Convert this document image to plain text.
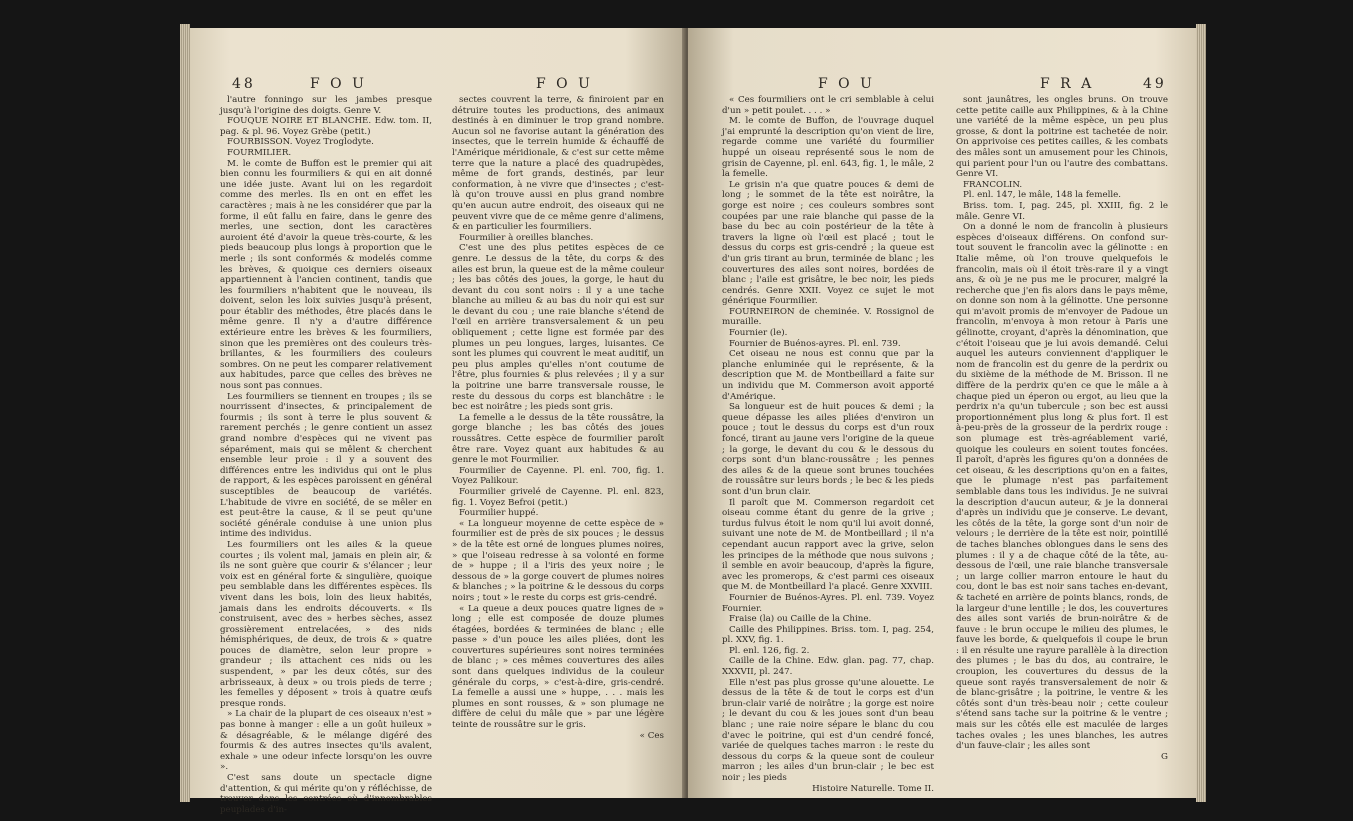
48	F O U	F O U

l'autre fonningo sur les jambes presque jusqu'à l'origine des doigts. Genre V.

FOUQUE NOIRE ET BLANCHE. Edw. tom. II, pag. & pl. 96. Voyez Grèbe (petit.)

FOURBISSON. Voyez Troglodyte.

FOURMILIER.

M. le comte de Buffon est le premier qui ait bien connu les fourmiliers & qui en ait donné une idée juste. Avant lui on les regardoit comme des merles. Ils en ont en effet les caractères ; mais à ne les considérer que par la forme, il eût fallu en faire, dans le genre des merles, une section, dont les caractères auroient été d'avoir la queue très-courte, & les pieds beaucoup plus longs à proportion que le merle ; ils sont conformés & modelés comme les brèves, & quoique ces derniers oiseaux appartiennent à l'ancien continent, tandis que les fourmiliers n'habitent que le nouveau, ils doivent, selon les loix suivies jusqu'à présent, pour établir des méthodes, être placés dans le même genre. Il n'y a d'autre différence extérieure entre les brèves & les fourmiliers, sinon que les premières ont des couleurs très-brillantes, & les fourmiliers des couleurs sombres. On ne peut les comparer relativement aux habitudes, parce que celles des brèves ne nous sont pas connues.

Les fourmiliers se tiennent en troupes ; ils se nourrissent d'insectes, & principalement de fourmis ; ils sont à terre le plus souvent & rarement perchés ; le genre contient un assez grand nombre d'espèces qui ne vivent pas séparément, mais qui se mêlent & cherchent ensemble leur proie : il y a souvent des différences entre les individus qui ont le plus de rapport, & les espèces paroissent en général susceptibles de beaucoup de variétés. L'habitude de vivre en société, de se mêler en est peut-être la cause, & il se peut qu'une société générale conduise à une union plus intime des individus.

Les fourmiliers ont les ailes & la queue courtes ; ils volent mal, jamais en plein air, & ils ne sont guère que courir & s'élancer ; leur voix est en général forte & singulière, quoique peu semblable dans les différentes espèces. Ils vivent dans les bois, loin des lieux habités, jamais dans les endroits découverts. « Ils construisent, avec des » herbes sèches, assez grossièrement entrelacées, » des nids hémisphériques, de deux, de trois & » quatre pouces de diamètre, selon leur propre » grandeur ; ils attachent ces nids ou les suspendent, » par les deux côtés, sur des arbrisseaux, à deux » ou trois pieds de terre ; les femelles y déposent » trois à quatre œufs presque ronds.

» La chair de la plupart de ces oiseaux n'est » pas bonne à manger : elle a un goût huileux » & désagréable, & le mélange digéré des fourmis & des autres insectes qu'ils avalent, exhale » une odeur infecte lorsqu'on les ouvre ».

C'est sans doute un spectacle digne d'attention, & qui mérite qu'on y réfléchisse, de trouver dans les contrées où d'innombrables peuplades d'in-

sectes couvrent la terre, & finiroient par en détruire toutes les productions, des animaux destinés à en diminuer le trop grand nombre. Aucun sol ne favorise autant la génération des insectes, que le terrein humide & échauffé de l'Amérique méridionale, & c'est sur cette même terre que la nature a placé des quadrupèdes, même de fort grands, destinés, par leur conformation, à ne vivre que d'insectes ; c'est-là qu'on trouve aussi en plus grand nombre qu'en aucun autre endroit, des oiseaux qui ne peuvent vivre que de ce même genre d'alimens, & en particulier les fourmiliers.

Fourmilier à oreilles blanches.

C'est une des plus petites espèces de ce genre. Le dessus de la tête, du corps & des ailes est brun, la queue est de la même couleur ; les bas côtés des joues, la gorge, le haut du devant du cou sont noirs : il y a une tache blanche au milieu & au bas du noir qui est sur le devant du cou ; une raie blanche s'étend de l'œil en arrière transversalement & un peu obliquement ; cette ligne est formée par des plumes un peu longues, larges, luisantes. Ce sont les plumes qui couvrent le meat auditif, un peu plus amples qu'elles n'ont coutume de l'être, plus fournies & plus relevées ; il y a sur la poitrine une barre transversale rousse, le reste du dessous du corps est blanchâtre : le bec est noirâtre ; les pieds sont gris.

La femelle a le dessus de la tête roussâtre, la gorge blanche ; les bas côtés des joues roussâtres. Cette espèce de fourmilier paroît être rare. Voyez quant aux habitudes & au genre le mot Fourmilier.

Fourmilier de Cayenne. Pl. enl. 700, fig. 1. Voyez Palikour.

Fourmilier grivelé de Cayenne. Pl. enl. 823, fig. 1. Voyez Befroi (petit.)

Fourmilier huppé.

« La longueur moyenne de cette espèce de » fourmilier est de près de six pouces ; le dessus » de la tête est orné de longues plumes noires, » que l'oiseau redresse à sa volonté en forme de » huppe ; il a l'iris des yeux noire ; le dessous de » la gorge couvert de plumes noires & blanches ; » la poitrine & le dessous du corps noirs ; tout » le reste du corps est gris-cendré.

« La queue a deux pouces quatre lignes de » long ; elle est composée de douze plumes étagées, bordées & terminées de blanc ; elle passe » d'un pouce les ailes pliées, dont les couvertures supérieures sont noires terminées de blanc ; » ces mêmes couvertures des ailes sont dans quelques individus de la couleur générale du corps, » c'est-à-dire, gris-cendré. La femelle a aussi une » huppe, . . . mais les plumes en sont rousses, & » son plumage ne diffère de celui du mâle que » par une légère teinte de roussâtre sur le gris.

« Ces

F O U	F R A	49

« Ces fourmiliers ont le cri semblable à celui d'un » petit poulet. . . . »

M. le comte de Buffon, de l'ouvrage duquel j'ai emprunté la description qu'on vient de lire, regarde comme une variété du fourmilier huppé un oiseau représenté sous le nom de grisin de Cayenne, pl. enl. 643, fig. 1, le mâle, 2 la femelle.

Le grisin n'a que quatre pouces & demi de long ; le sommet de la tête est noirâtre, la gorge est noire ; ces couleurs sombres sont coupées par une raie blanche qui passe de la base du bec au coin postérieur de la tête à travers la ligne où l'œil est placé ; tout le dessus du corps est gris-cendré ; la queue est d'un gris tirant au brun, terminée de blanc ; les couvertures des ailes sont noires, bordées de blanc ; l'aile est grisâtre, le bec noir, les pieds cendrés. Genre XXII. Voyez ce sujet le mot générique Fourmilier.

FOURNEIRON de cheminée. V. Rossignol de muraille.

Fournier (le).

Fournier de Buénos-ayres. Pl. enl. 739.

Cet oiseau ne nous est connu que par la planche enluminée qui le représente, & la description que M. de Montbeillard a faite sur un individu que M. Commerson avoit apporté d'Amérique.

Sa longueur est de huit pouces & demi ; la queue dépasse les ailes pliées d'environ un pouce ; tout le dessus du corps est d'un roux foncé, tirant au jaune vers l'origine de la queue ; la gorge, le devant du cou & le dessous du corps sont d'un blanc-roussâtre ; les pennes des ailes & de la queue sont brunes touchées de roussâtre sur leurs bords ; le bec & les pieds sont d'un brun clair.

Il paroît que M. Commerson regardoit cet oiseau comme étant du genre de la grive ; turdus fulvus étoit le nom qu'il lui avoit donné, suivant une note de M. de Montbeillard ; il n'a cependant aucun rapport avec la grive, selon les principes de la méthode que nous suivons ; il semble en avoir beaucoup, d'après la figure, avec les promerops, & c'est parmi ces oiseaux que M. de Montbeillard l'a placé. Genre XXVIII.

Fournier de Buénos-Ayres. Pl. enl. 739. Voyez Fournier.

Fraise (la) ou Caille de la Chine.

Caille des Philippines. Briss. tom. I, pag. 254, pl. XXV, fig. 1.

Pl. enl. 126, fig. 2.

Caille de la Chine. Edw. glan. pag. 77, chap. XXXVII, pl. 247.

Elle n'est pas plus grosse qu'une alouette. Le dessus de la tête & de tout le corps est d'un brun-clair varié de noirâtre ; la gorge est noire ; le devant du cou & les joues sont d'un beau blanc ; une raie noire sépare le blanc du cou d'avec le poitrine, qui est d'un cendré foncé, variée de quelques taches marron : le reste du dessous du corps & la queue sont de couleur marron ; les ailes d'un brun-clair ; le bec est noir ; les pieds

Histoire Naturelle. Tome II.

sont jaunâtres, les ongles bruns. On trouve cette petite caille aux Philippines, & à la Chine une variété de la même espèce, un peu plus grosse, & dont la poitrine est tachetée de noir. On apprivoise ces petites cailles, & les combats des mâles sont un amusement pour les Chinois, qui parient pour l'un ou l'autre des combattans. Genre VI.

FRANCOLIN.

Pl. enl. 147, le mâle, 148 la femelle.

Briss. tom. I, pag. 245, pl. XXIII, fig. 2 le mâle. Genre VI.

On a donné le nom de francolin à plusieurs espèces d'oiseaux différens. On confond sur-tout souvent le francolin avec la gélinotte : en Italie même, où l'on trouve quelquefois le francolin, mais où il étoit très-rare il y a vingt ans, & où je ne pus me le procurer, malgré la recherche que j'en fis alors dans le pays même, on donne son nom à la gélinotte. Une personne qui m'avoit promis de m'envoyer de Padoue un francolin, m'envoya à mon retour à Paris une gélinotte, croyant, d'après la dénomination, que c'étoit l'oiseau que je lui avois demandé. Celui auquel les auteurs conviennent d'appliquer le nom de francolin est du genre de la perdrix ou du sixième de la méthode de M. Brisson. Il ne diffère de la perdrix qu'en ce que le mâle a à chaque pied un éperon ou ergot, au lieu que la perdrix n'a qu'un tubercule ; son bec est aussi proportionnément plus long & plus fort. Il est à-peu-près de la grosseur de la perdrix rouge : son plumage est très-agréablement varié, quoique les couleurs en soient toutes foncées. Il paroît, d'après les figures qu'on a données de cet oiseau, & les descriptions qu'on en a faites, que le plumage n'est pas parfaitement semblable dans tous les individus. Je ne suivrai la description d'aucun auteur, & je la donnerai d'après un individu que je conserve. Le devant, les côtés de la tête, la gorge sont d'un noir de velours ; le derrière de la tête est noir, pointillé de taches blanches oblongues dans le sens des plumes : il y a de chaque côté de la tête, au-dessous de l'œil, une raie blanche transversale ; un large collier marron entoure le haut du cou, dont le bas est noir sans taches en-devant, & tacheté en arrière de points blancs, ronds, de la largeur d'une lentille ; le dos, les couvertures des ailes sont variés de brun-noirâtre & de fauve : le brun occupe le milieu des plumes, le fauve les borde, & quelquefois il coupe le brun : il en résulte une rayure parallèle à la direction des plumes ; le bas du dos, au contraire, le croupion, les couvertures du dessus de la queue sont rayés transversalement de noir & de blanc-grisâtre ; la poitrine, le ventre & les côtés sont d'un très-beau noir ; cette couleur s'étend sans tache sur la poitrine & le ventre ; mais sur les côtés elle est maculée de larges taches ovales ; les unes blanches, les autres d'un fauve-clair ; les ailes sont

G
